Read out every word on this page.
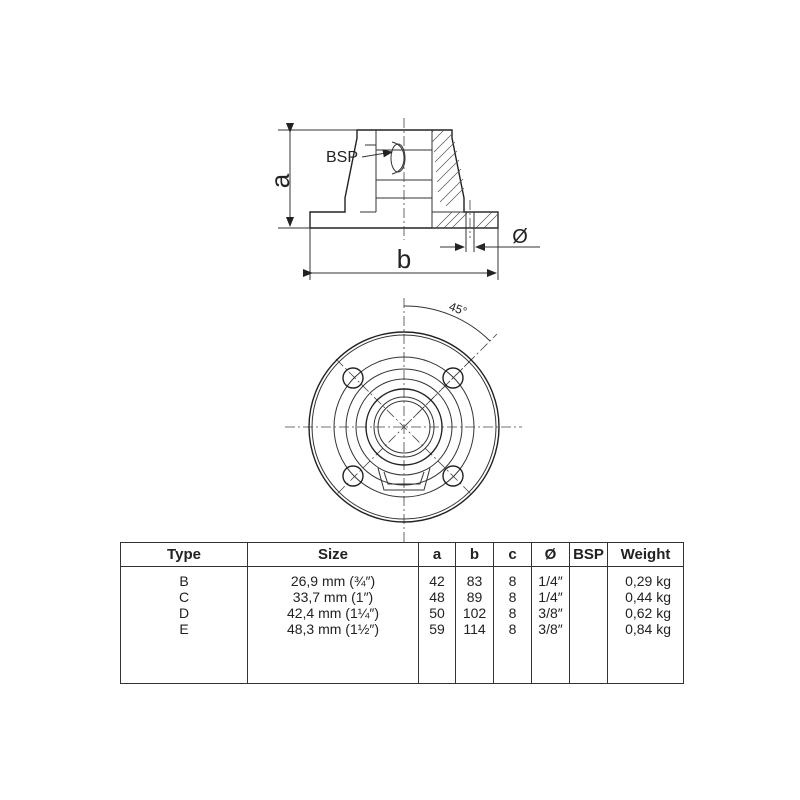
a
b
BSP
Ø
45°
Type	Size	a	b	c	Ø	BSP	Weight
B	26,9 mm (¾″)	42	83	8	1/4″		0,29 kg
C	33,7 mm (1″)	48	89	8	1/4″		0,44 kg
D	42,4 mm (1¼″)	50	102	8	3/8″		0,62 kg
E	48,3 mm (1½″)	59	114	8	3/8″		0,84 kg
